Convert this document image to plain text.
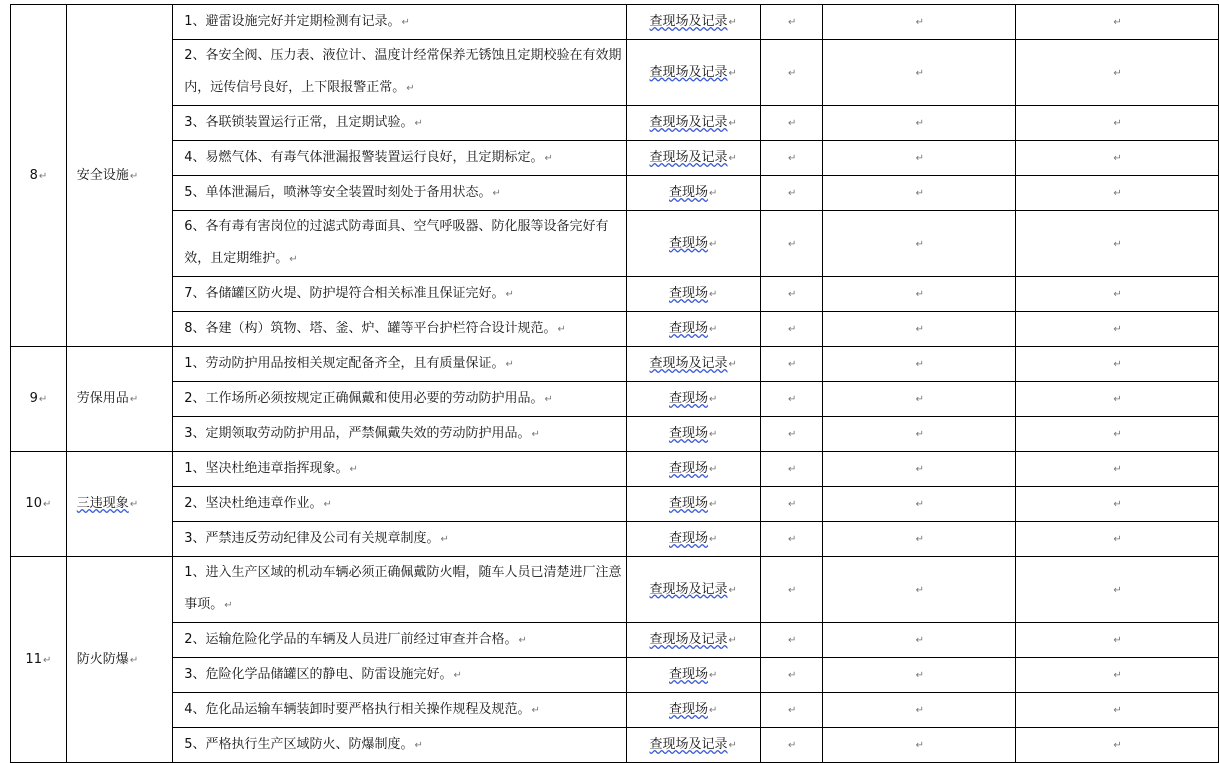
8↵	安全设施↵	1、避雷设施完好并定期检测有记录。↵	查现场及记录↵	↵	↵	↵
		2、各安全阀、压力表、液位计、温度计经常保养无锈蚀且定期校验在有效期内，远传信号良好，上下限报警正常。↵	查现场及记录↵	↵	↵	↵
		3、各联锁装置运行正常，且定期试验。↵	查现场及记录↵	↵	↵	↵
		4、易燃气体、有毒气体泄漏报警装置运行良好，且定期标定。↵	查现场及记录↵	↵	↵	↵
		5、单体泄漏后，喷淋等安全装置时刻处于备用状态。↵	查现场↵	↵	↵	↵
		6、各有毒有害岗位的过滤式防毒面具、空气呼吸器、防化服等设备完好有效，且定期维护。↵	查现场↵	↵	↵	↵
		7、各储罐区防火堤、防护堤符合相关标准且保证完好。↵	查现场↵	↵	↵	↵
		8、各建（构）筑物、塔、釜、炉、罐等平台护栏符合设计规范。↵	查现场↵	↵	↵	↵
9↵	劳保用品↵	1、劳动防护用品按相关规定配备齐全，且有质量保证。↵	查现场及记录↵	↵	↵	↵
		2、工作场所必须按规定正确佩戴和使用必要的劳动防护用品。↵	查现场↵	↵	↵	↵
		3、定期领取劳动防护用品，严禁佩戴失效的劳动防护用品。↵	查现场↵	↵	↵	↵
10↵	三违现象↵	1、坚决杜绝违章指挥现象。↵	查现场↵	↵	↵	↵
		2、坚决杜绝违章作业。↵	查现场↵	↵	↵	↵
		3、严禁违反劳动纪律及公司有关规章制度。↵	查现场↵	↵	↵	↵
11↵	防火防爆↵	1、进入生产区域的机动车辆必须正确佩戴防火帽，随车人员已清楚进厂注意事项。↵	查现场及记录↵	↵	↵	↵
		2、运输危险化学品的车辆及人员进厂前经过审查并合格。↵	查现场及记录↵	↵	↵	↵
		3、危险化学品储罐区的静电、防雷设施完好。↵	查现场↵	↵	↵	↵
		4、危化品运输车辆装卸时要严格执行相关操作规程及规范。↵	查现场↵	↵	↵	↵
		5、严格执行生产区域防火、防爆制度。↵	查现场及记录↵	↵	↵	↵
